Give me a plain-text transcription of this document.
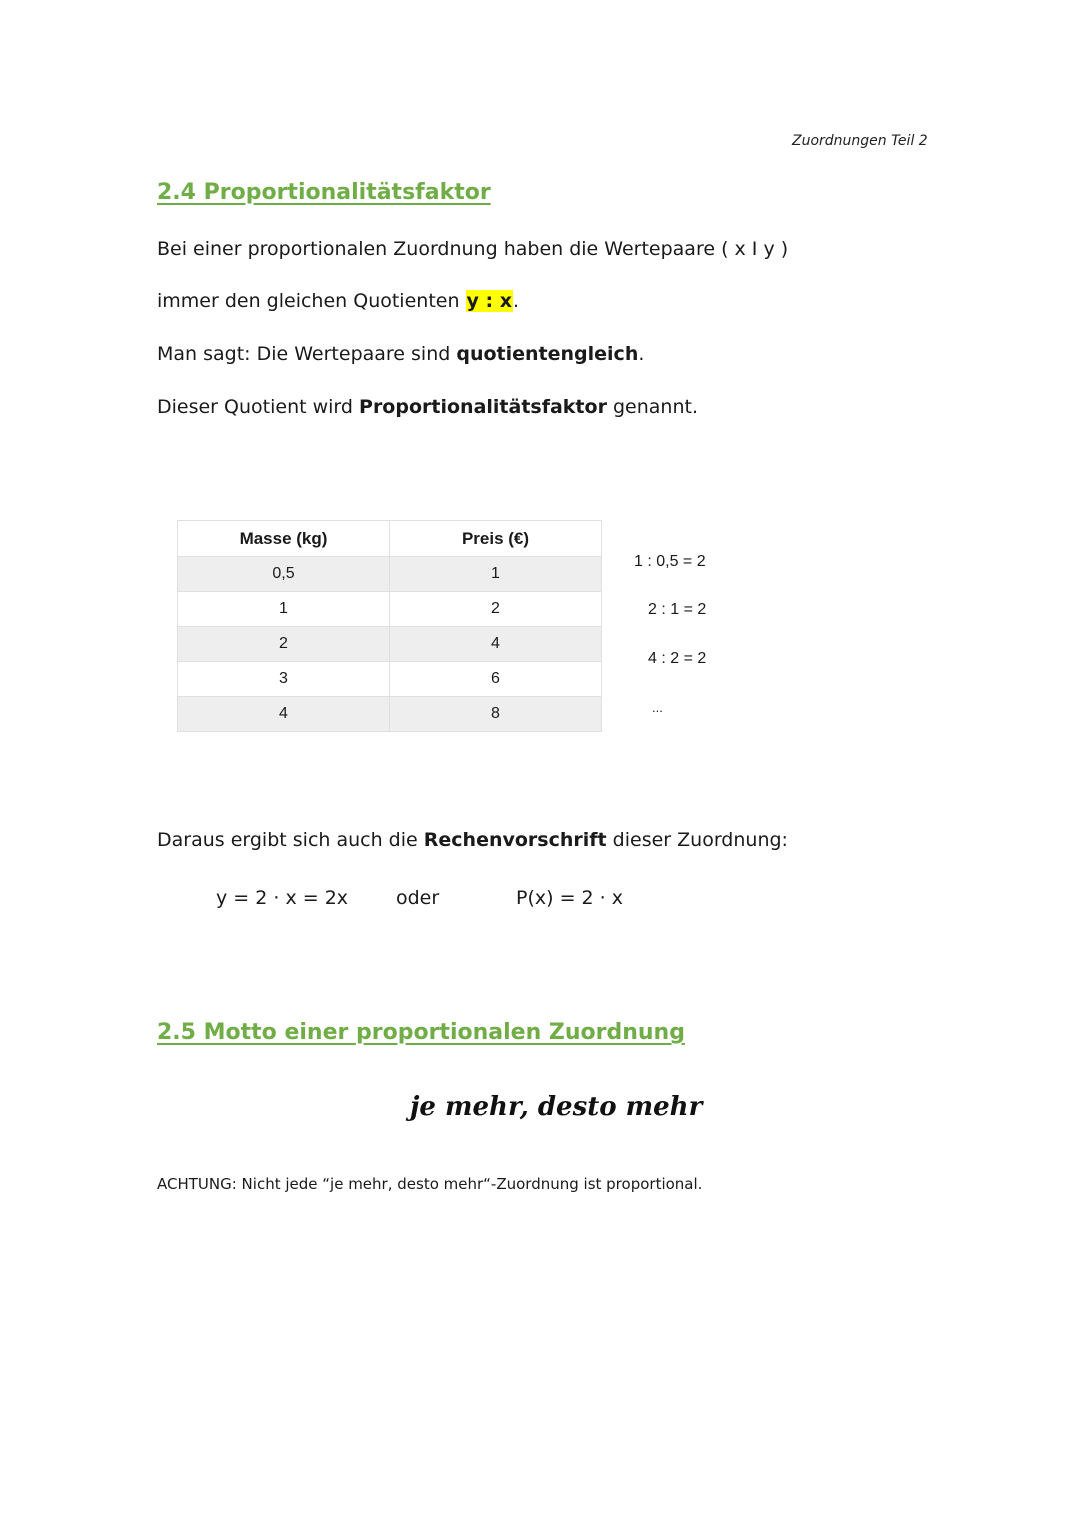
Zuordnungen Teil 2
2.4 Proportionalitätsfaktor
Bei einer proportionalen Zuordnung haben die Wertepaare ( x I y )
immer den gleichen Quotienten y : x.
Man sagt: Die Wertepaare sind quotientengleich.
Dieser Quotient wird Proportionalitätsfaktor genannt.
Masse (kg)	Preis (€)
0,5	1
1	2
2	4
3	6
4	8
1 : 0,5 = 2
2 : 1 = 2
4 : 2 = 2
...
Daraus ergibt sich auch die Rechenvorschrift dieser Zuordnung:
y = 2 · x = 2x	oder	P(x) = 2 · x
2.5 Motto einer proportionalen Zuordnung
je mehr, desto mehr
ACHTUNG: Nicht jede “je mehr, desto mehr“-Zuordnung ist proportional.
